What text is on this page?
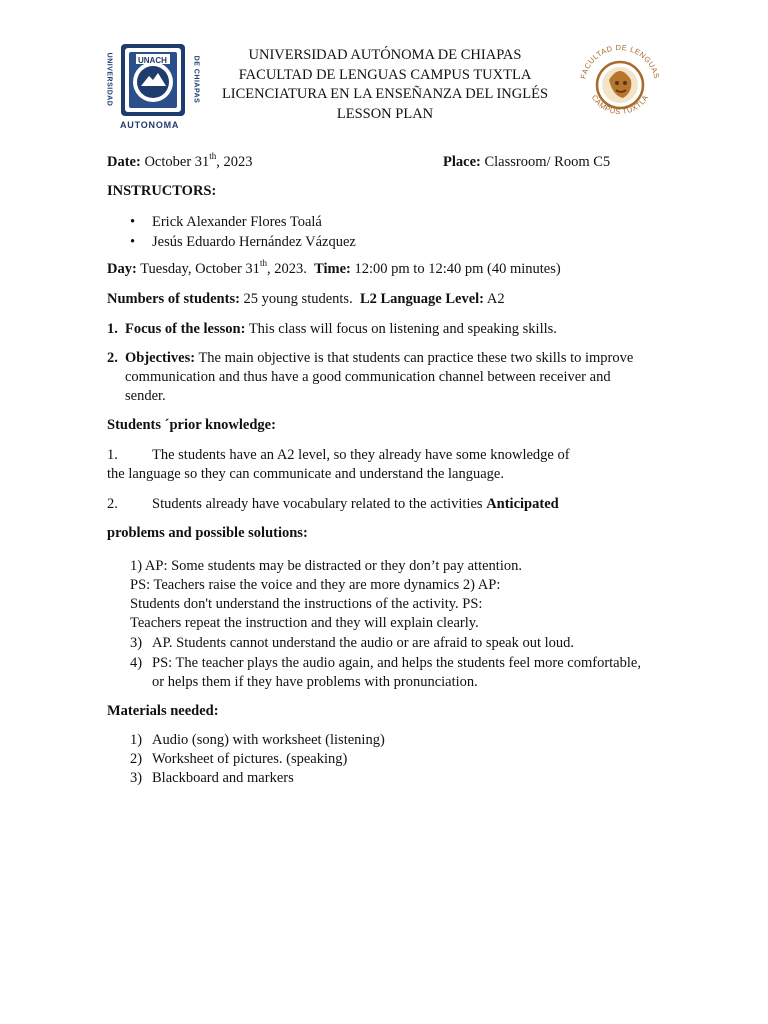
UNACH
UNIVERSIDAD	DE CHIAPAS
AUTONOMA
UNIVERSIDAD AUTÓNOMA DE CHIAPAS
FACULTAD DE LENGUAS CAMPUS TUXTLA
LICENCIATURA EN LA ENSEÑANZA DEL INGLÉS
LESSON PLAN
FACULTAD DE LENGUAS
CAMPUS TUXTLA
Date: October 31th, 2023	Place: Classroom/ Room C5
INSTRUCTORS:
• Erick Alexander Flores Toalá
• Jesús Eduardo Hernández Vázquez
Day: Tuesday, October 31th, 2023. Time: 12:00 pm to 12:40 pm (40 minutes)
Numbers of students: 25 young students. L2 Language Level: A2
1. Focus of the lesson: This class will focus on listening and speaking skills.
2. Objectives: The main objective is that students can practice these two skills to improve
communication and thus have a good communication channel between receiver and
sender.
Students ´prior knowledge:
1. The students have an A2 level, so they already have some knowledge of
the language so they can communicate and understand the language.
2. Students already have vocabulary related to the activities Anticipated
problems and possible solutions:
1) AP: Some students may be distracted or they don’t pay attention.
PS: Teachers raise the voice and they are more dynamics 2) AP:
Students don't understand the instructions of the activity. PS:
Teachers repeat the instruction and they will explain clearly.
3) AP. Students cannot understand the audio or are afraid to speak out loud.
4) PS: The teacher plays the audio again, and helps the students feel more comfortable,
or helps them if they have problems with pronunciation.
Materials needed:
1) Audio (song) with worksheet (listening)
2) Worksheet of pictures. (speaking)
3) Blackboard and markers
